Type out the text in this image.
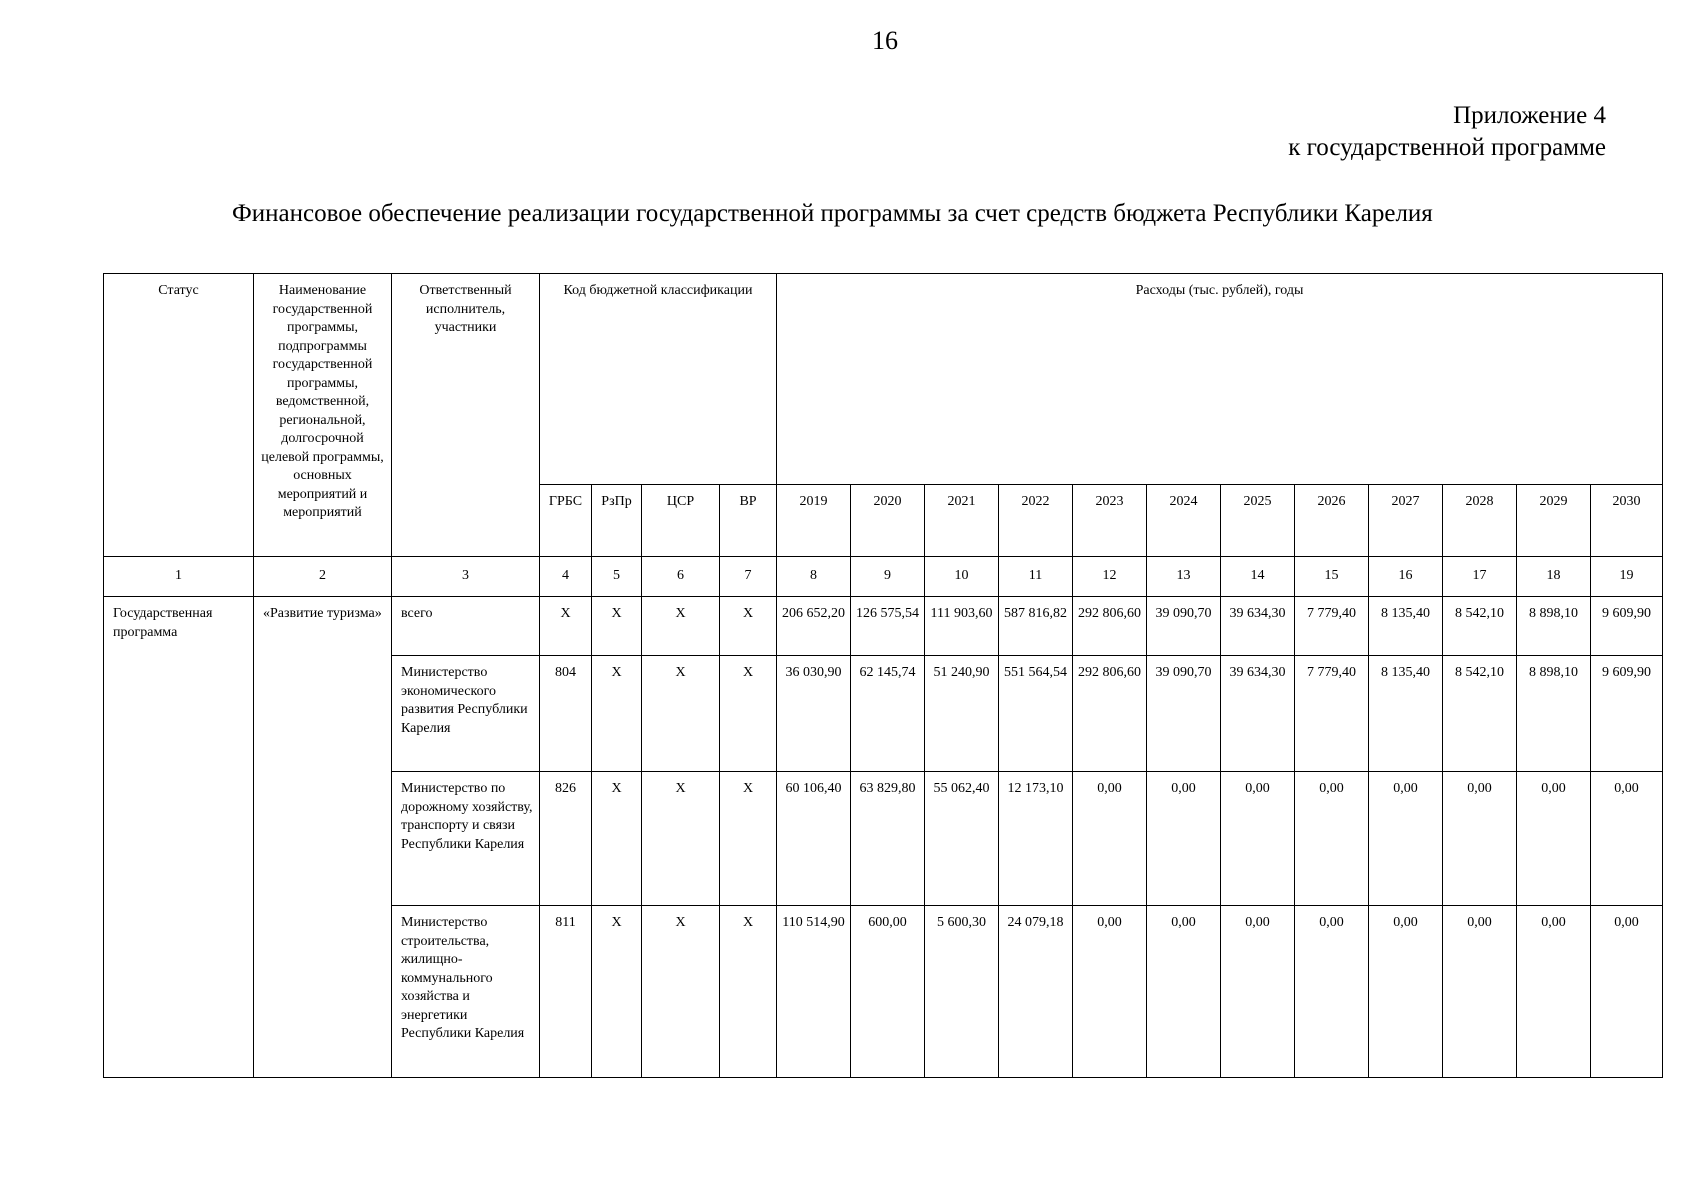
16
Приложение 4
к государственной программе
Финансовое обеспечение реализации государственной программы за счет средств бюджета Республики Карелия
Статус	Наименование государственной программы, подпрограммы государственной программы, ведомственной, региональной, долгосрочной целевой программы, основных мероприятий и мероприятий	Ответственный исполнитель, участники	Код бюджетной классификации				Расходы (тыс. рублей), годы											
			ГРБС	РзПр	ЦСР	ВР	2019	2020	2021	2022	2023	2024	2025	2026	2027	2028	2029	2030
1	2	3	4	5	6	7	8	9	10	11	12	13	14	15	16	17	18	19
Государственная программа	«Развитие туризма»	всего	Х	Х	Х	Х	206 652,20	126 575,54	111 903,60	587 816,82	292 806,60	39 090,70	39 634,30	7 779,40	8 135,40	8 542,10	8 898,10	9 609,90
		Министерство экономического развития Республики Карелия	804	Х	Х	Х	36 030,90	62 145,74	51 240,90	551 564,54	292 806,60	39 090,70	39 634,30	7 779,40	8 135,40	8 542,10	8 898,10	9 609,90
		Министерство по дорожному хозяйству, транспорту и связи Республики Карелия	826	Х	Х	Х	60 106,40	63 829,80	55 062,40	12 173,10	0,00	0,00	0,00	0,00	0,00	0,00	0,00	0,00
		Министерство строительства, жилищно-коммунального хозяйства и энергетики Республики Карелия	811	Х	Х	Х	110 514,90	600,00	5 600,30	24 079,18	0,00	0,00	0,00	0,00	0,00	0,00	0,00	0,00
